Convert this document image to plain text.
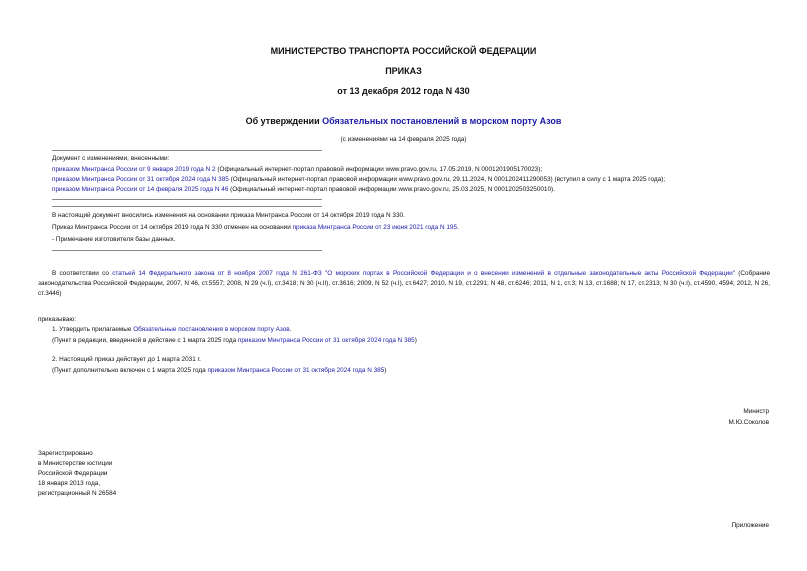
МИНИСТЕРСТВО ТРАНСПОРТА РОССИЙСКОЙ ФЕДЕРАЦИИ
ПРИКАЗ
от 13 декабря 2012 года N 430
Об утверждении Обязательных постановлений в морском порту Азов
(с изменениями на 14 февраля 2025 года)
Документ с изменениями, внесенными:
приказом Минтранса России от 9 января 2019 года N 2 (Официальный интернет-портал правовой информации www.pravo.gov.ru, 17.05.2019, N 0001201905170023);
приказом Минтранса России от 31 октября 2024 года N 385 (Официальный интернет-портал правовой информации www.pravo.gov.ru, 29.11.2024, N 0001202411290053) (вступил в силу с 1 марта 2025 года);
приказом Минтранса России от 14 февраля 2025 года N 46 (Официальный интернет-портал правовой информации www.pravo.gov.ru, 25.03.2025, N 0001202503250010).
В настоящий документ вносились изменения на основании приказа Минтранса России от 14 октября 2019 года N 330.
Приказ Минтранса России от 14 октября 2019 года N 330 отменен на основании приказа Минтранса России от 23 июня 2021 года N 195.
- Примечание изготовителя базы данных.
В соответствии со статьей 14 Федерального закона от 8 ноября 2007 года N 261-ФЗ "О морских портах в Российской Федерации и о внесении изменений в отдельные законодательные акты Российской Федерации" (Собрание законодательства Российской Федерации, 2007, N 46, ст.5557; 2008, N 29 (ч.I), ст.3418; N 30 (ч.II), ст.3616; 2009, N 52 (ч.I), ст.6427; 2010, N 19, ст.2291; N 48, ст.6246; 2011, N 1, ст.3; N 13, ст.1688; N 17, ст.2313; N 30 (ч.I), ст.4590, 4594; 2012, N 26, ст.3446)
приказываю:
1. Утвердить прилагаемые Обязательные постановления в морском порту Азов.
(Пункт в редакции, введенной в действие с 1 марта 2025 года приказом Минтранса России от 31 октября 2024 года N 385)
2. Настоящий приказ действует до 1 марта 2031 г.
(Пункт дополнительно включен с 1 марта 2025 года приказом Минтранса России от 31 октября 2024 года N 385)
Министр
М.Ю.Соколов
Зарегистрировано
в Министерстве юстиции
Российской Федерации
18 января 2013 года,
регистрационный N 26584
Приложение
